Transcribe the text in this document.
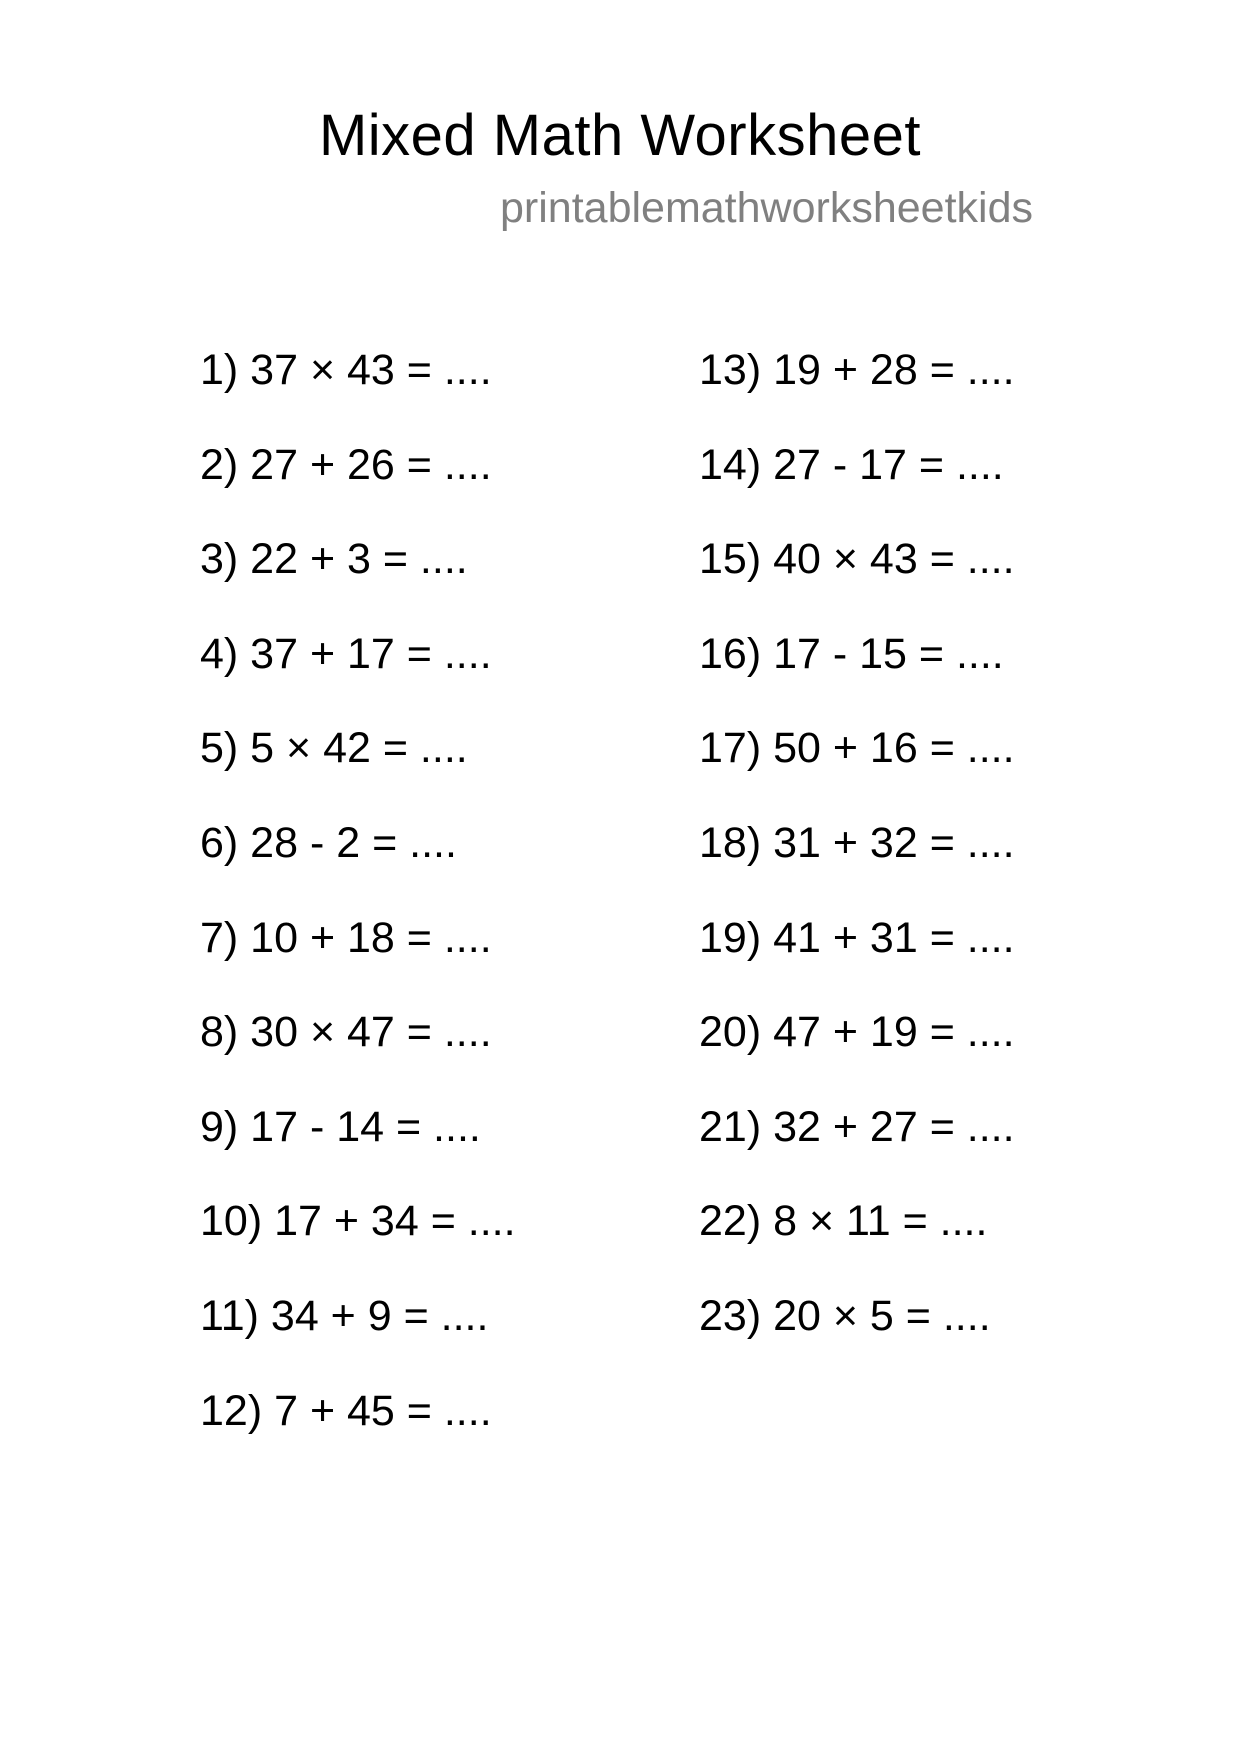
Mixed Math Worksheet

printablemathworksheetkids

1) 37 × 43 = ....
2) 27 + 26 = ....
3) 22 + 3 = ....
4) 37 + 17 = ....
5) 5 × 42 = ....
6) 28 - 2 = ....
7) 10 + 18 = ....
8) 30 × 47 = ....
9) 17 - 14 = ....
10) 17 + 34 = ....
11) 34 + 9 = ....
12) 7 + 45 = ....
13) 19 + 28 = ....
14) 27 - 17 = ....
15) 40 × 43 = ....
16) 17 - 15 = ....
17) 50 + 16 = ....
18) 31 + 32 = ....
19) 41 + 31 = ....
20) 47 + 19 = ....
21) 32 + 27 = ....
22) 8 × 11 = ....
23) 20 × 5 = ....
